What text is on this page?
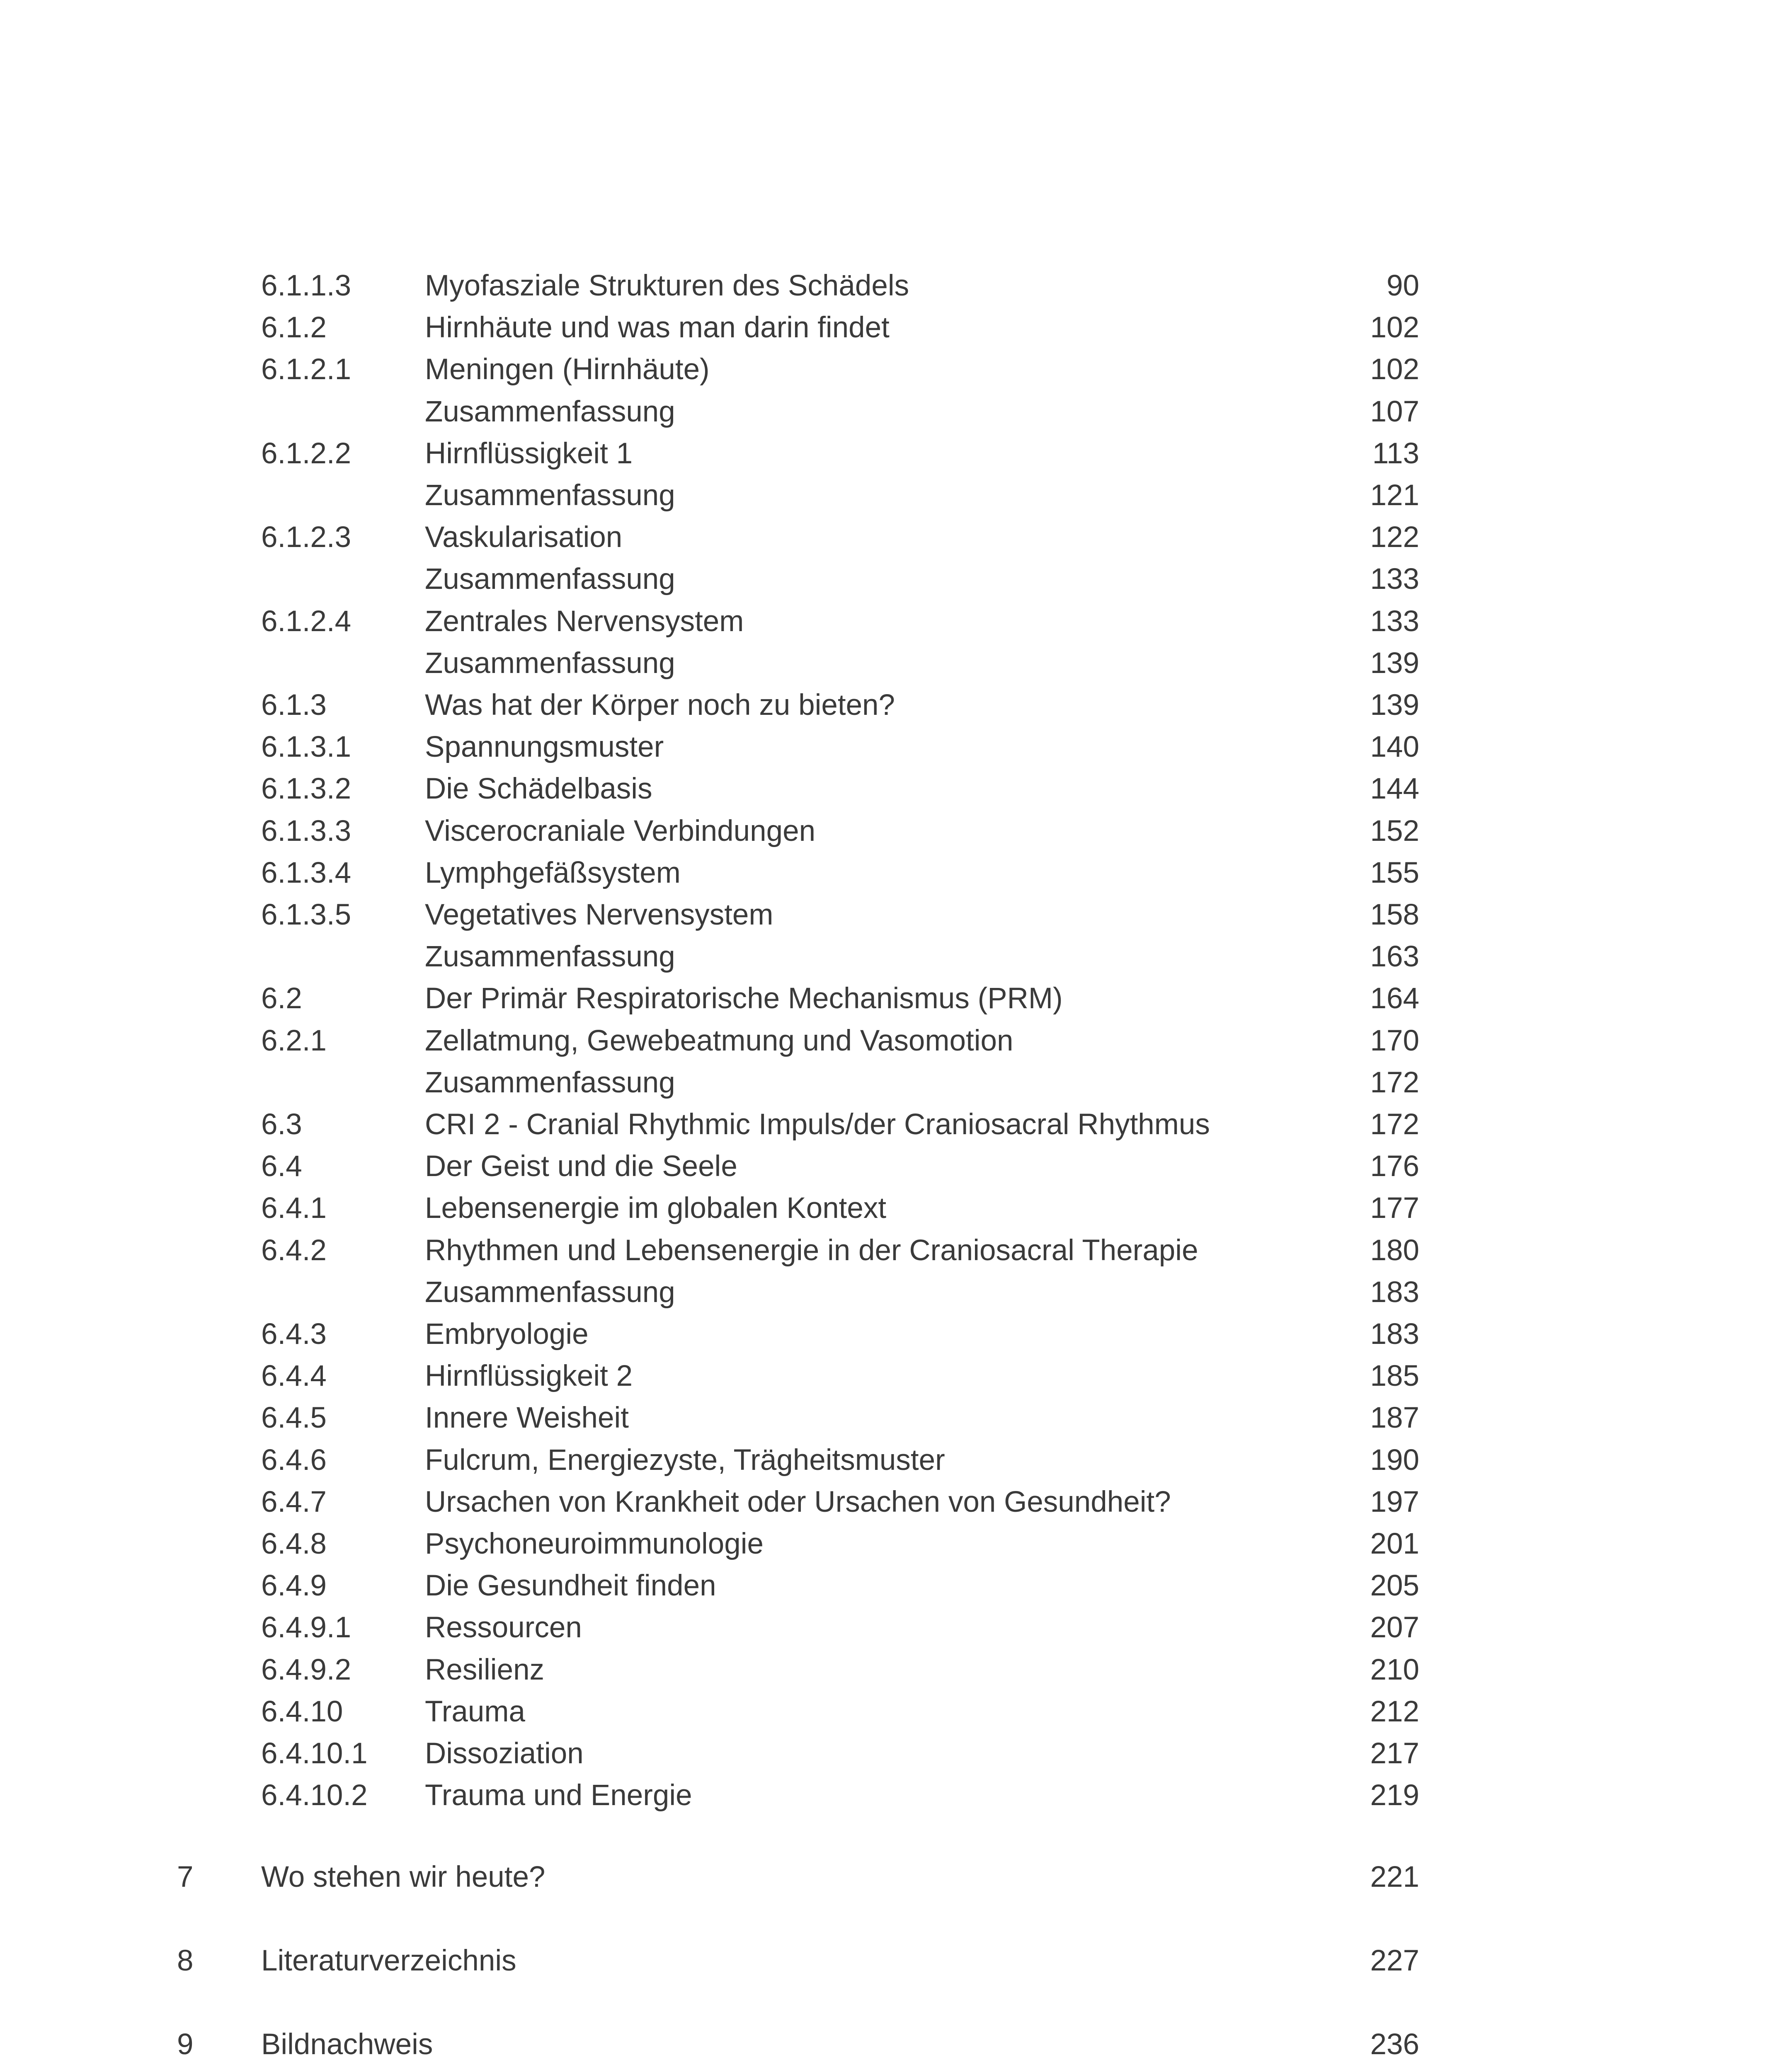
6.1.1.3	Myofasziale Strukturen des Schädels	90
6.1.2	Hirnhäute und was man darin findet	102
6.1.2.1	Meningen (Hirnhäute)	102
Zusammenfassung	107
6.1.2.2	Hirnflüssigkeit 1	113
Zusammenfassung	121
6.1.2.3	Vaskularisation	122
Zusammenfassung	133
6.1.2.4	Zentrales Nervensystem	133
Zusammenfassung	139
6.1.3	Was hat der Körper noch zu bieten?	139
6.1.3.1	Spannungsmuster	140
6.1.3.2	Die Schädelbasis	144
6.1.3.3	Viscerocraniale Verbindungen	152
6.1.3.4	Lymphgefäßsystem	155
6.1.3.5	Vegetatives Nervensystem	158
Zusammenfassung	163
6.2	Der Primär Respiratorische Mechanismus (PRM)	164
6.2.1	Zellatmung, Gewebeatmung und Vasomotion	170
Zusammenfassung	172
6.3	CRI 2 - Cranial Rhythmic Impuls/der Craniosacral Rhythmus	172
6.4	Der Geist und die Seele	176
6.4.1	Lebensenergie im globalen Kontext	177
6.4.2	Rhythmen und Lebensenergie in der Craniosacral Therapie	180
Zusammenfassung	183
6.4.3	Embryologie	183
6.4.4	Hirnflüssigkeit 2	185
6.4.5	Innere Weisheit	187
6.4.6	Fulcrum, Energiezyste, Trägheitsmuster	190
6.4.7	Ursachen von Krankheit oder Ursachen von Gesundheit?	197
6.4.8	Psychoneuroimmunologie	201
6.4.9	Die Gesundheit finden	205
6.4.9.1	Ressourcen	207
6.4.9.2	Resilienz	210
6.4.10	Trauma	212
6.4.10.1 Dissoziation	217
6.4.10.2 Trauma und Energie	219
7 Wo stehen wir heute?	221
8 Literaturverzeichnis	227
9 Bildnachweis	236
